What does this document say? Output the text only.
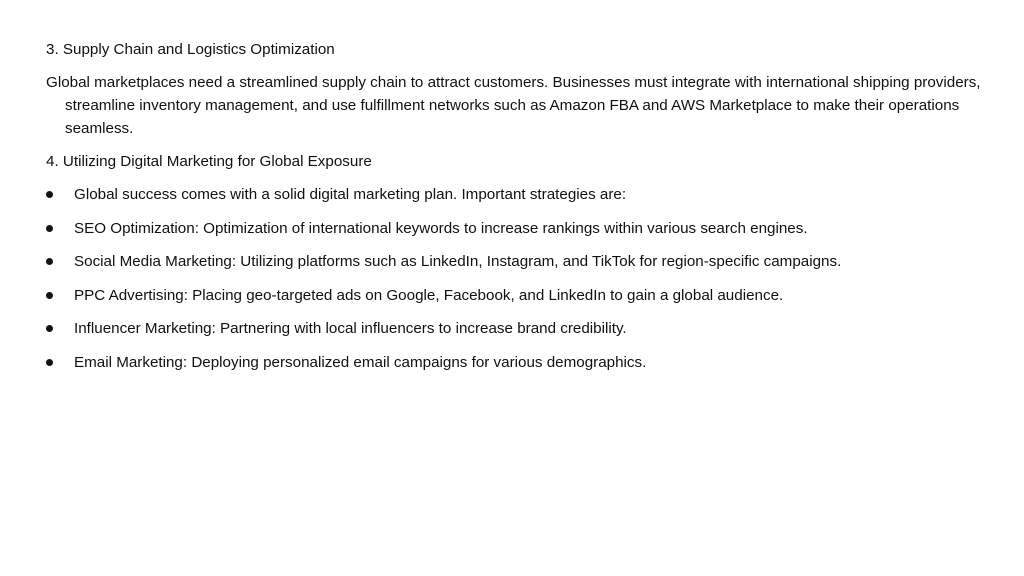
3. Supply Chain and Logistics Optimization

Global marketplaces need a streamlined supply chain to attract customers. Businesses must integrate with international shipping providers, streamline inventory management, and use fulfillment networks such as Amazon FBA and AWS Marketplace to make their operations seamless.

4. Utilizing Digital Marketing for Global Exposure

Global success comes with a solid digital marketing plan. Important strategies are:
SEO Optimization: Optimization of international keywords to increase rankings within various search engines.
Social Media Marketing: Utilizing platforms such as LinkedIn, Instagram, and TikTok for region-specific campaigns.
PPC Advertising: Placing geo-targeted ads on Google, Facebook, and LinkedIn to gain a global audience.
Influencer Marketing: Partnering with local influencers to increase brand credibility.
Email Marketing: Deploying personalized email campaigns for various demographics.
